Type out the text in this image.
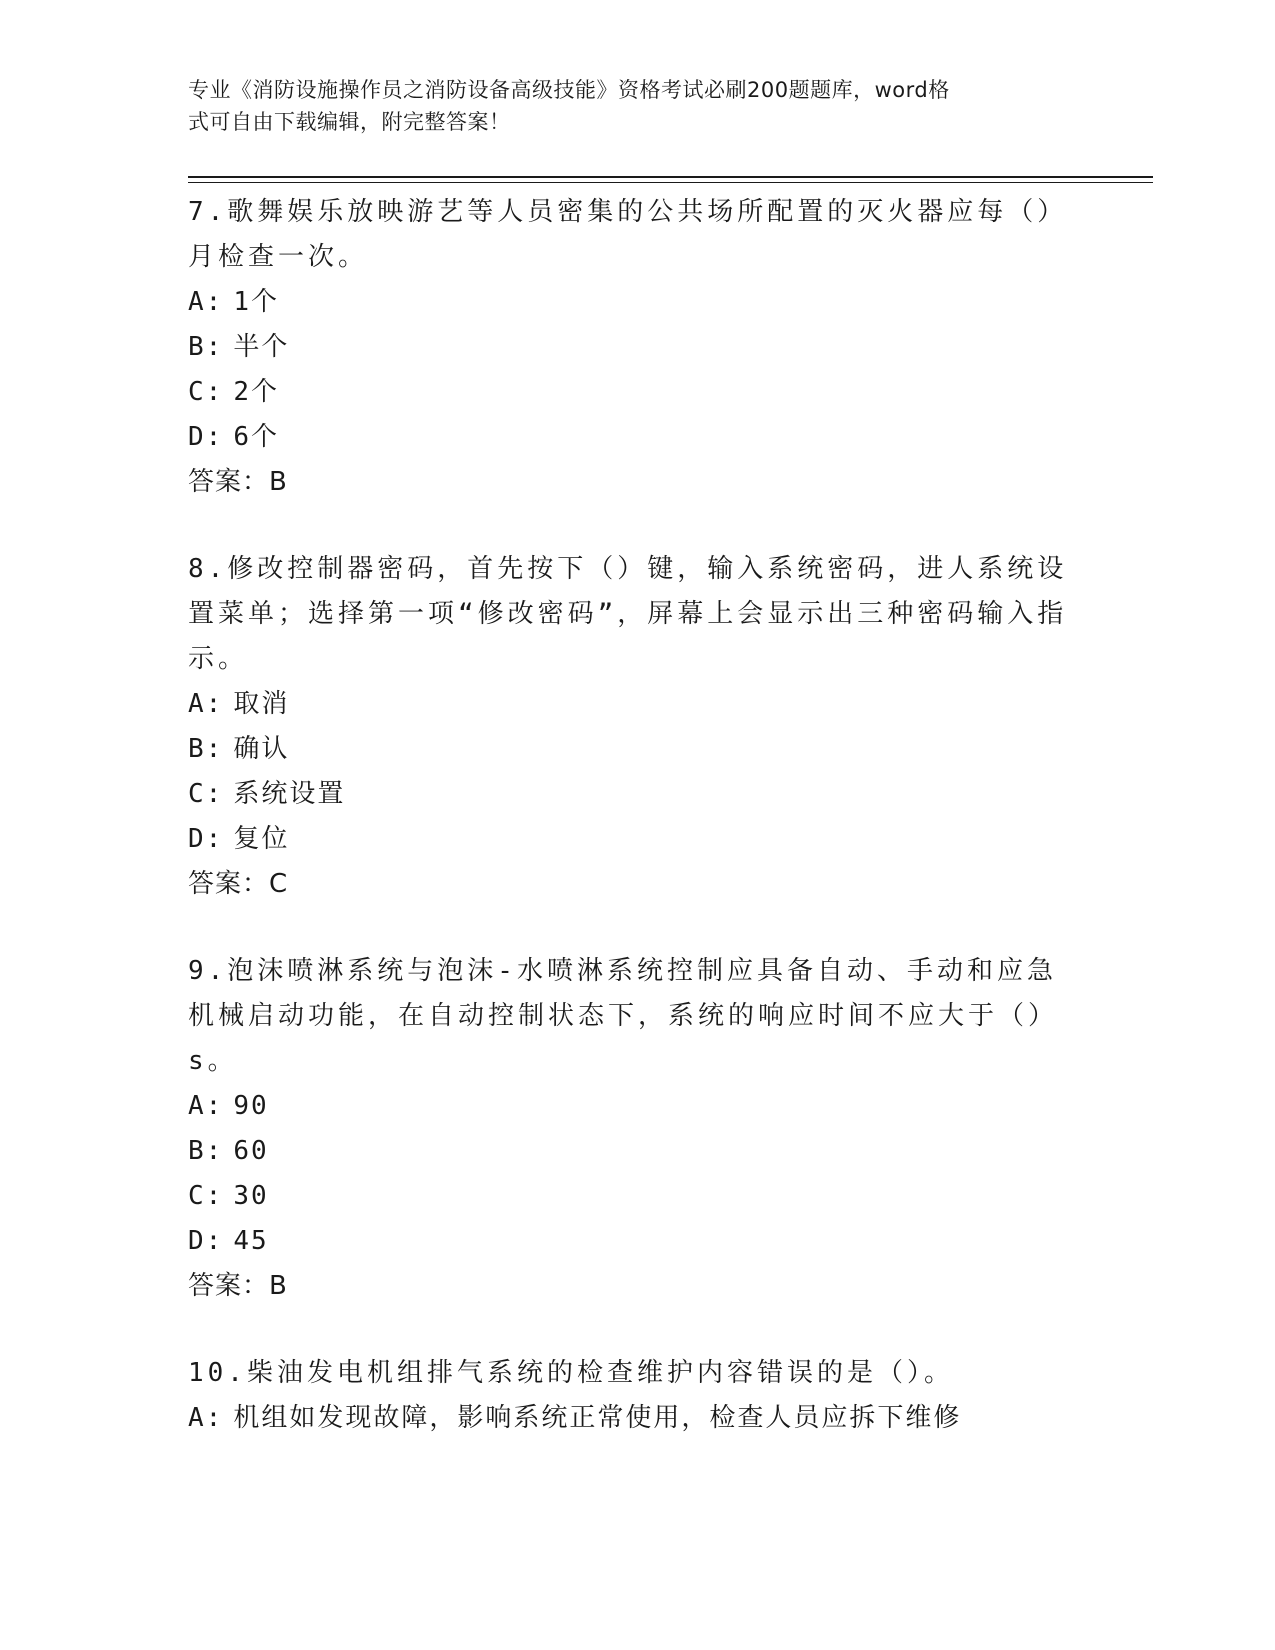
专业《消防设施操作员之消防设备高级技能》资格考试必刷200题题库，word格
式可自由下载编辑，附完整答案！
7.歌舞娱乐放映游艺等人员密集的公共场所配置的灭火器应每（）月检查一次。
A: 1个
B: 半个
C: 2个
D: 6个
答案：B
8.修改控制器密码，首先按下（）键，输入系统密码，进人系统设置菜单；选择第一项“修改密码”，屏幕上会显示出三种密码输入指示。
A: 取消
B: 确认
C: 系统设置
D: 复位
答案：C
9.泡沫喷淋系统与泡沫-水喷淋系统控制应具备自动、手动和应急机械启动功能，在自动控制状态下，系统的响应时间不应大于（）s。
A: 90
B: 60
C: 30
D: 45
答案：B
10.柴油发电机组排气系统的检查维护内容错误的是（）。
A: 机组如发现故障，影响系统正常使用，检查人员应拆下维修
